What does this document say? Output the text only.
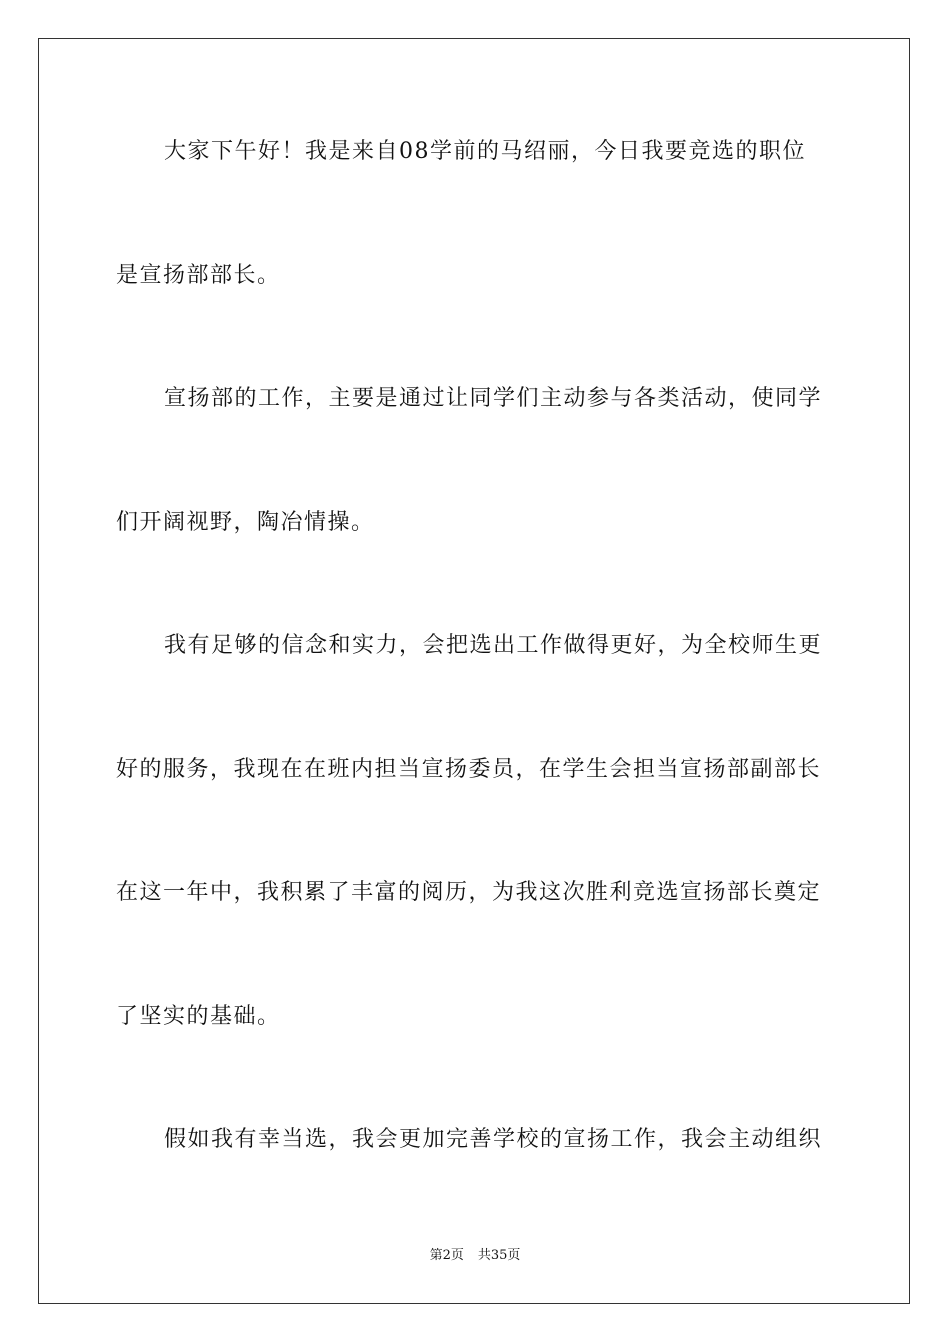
大家下午好！我是来自08学前的马绍丽，今日我要竞选的职位
是宣扬部部长。
宣扬部的工作，主要是通过让同学们主动参与各类活动，使同学
们开阔视野，陶冶情操。
我有足够的信念和实力，会把选出工作做得更好，为全校师生更
好的服务，我现在在班内担当宣扬委员，在学生会担当宣扬部副部长
在这一年中，我积累了丰富的阅历，为我这次胜利竞选宣扬部长奠定
了坚实的基础。
假如我有幸当选，我会更加完善学校的宣扬工作，我会主动组织
第2页 共35页
